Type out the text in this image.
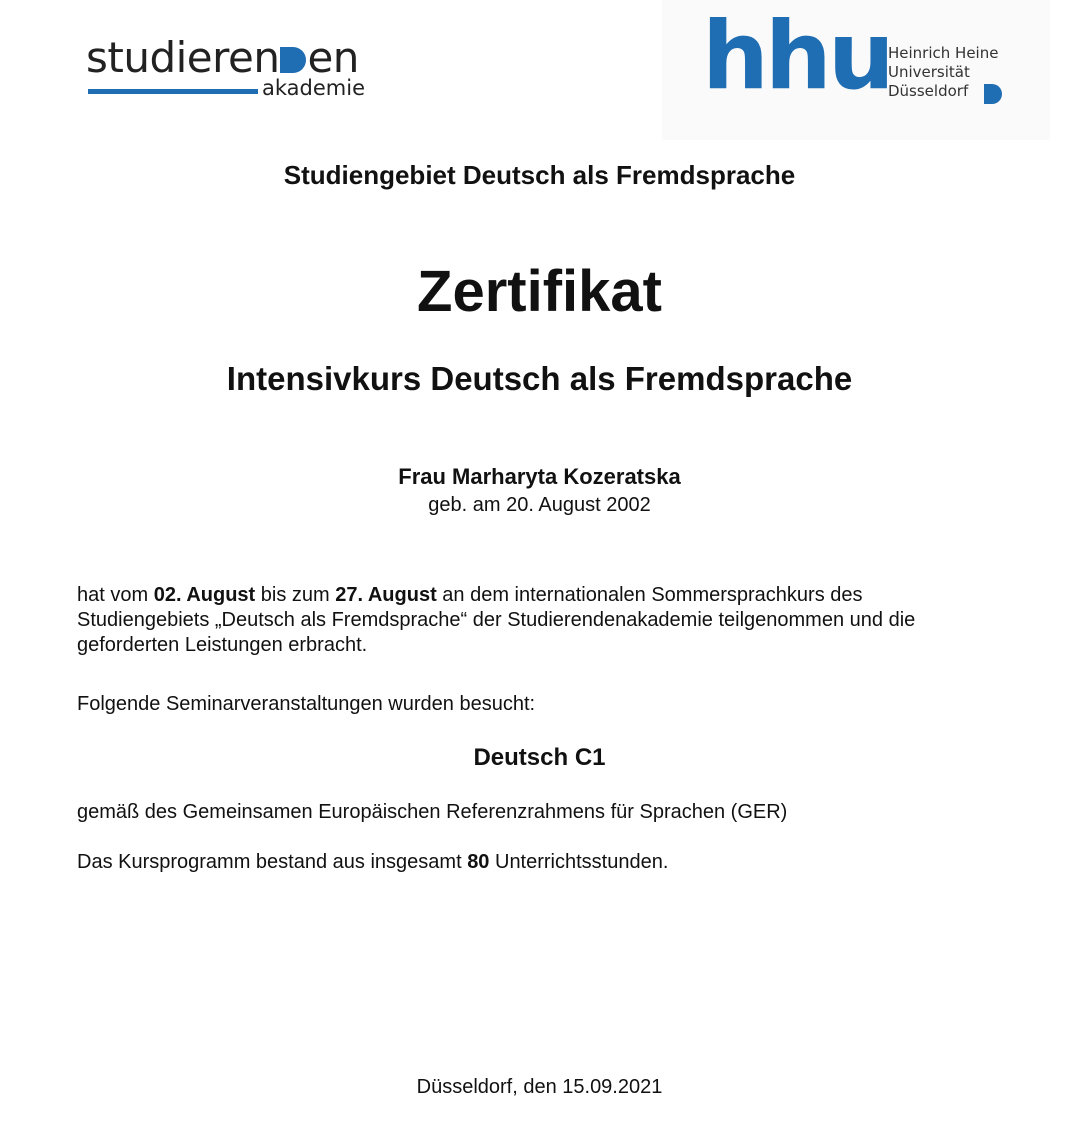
studieren en
akademie	hhu
Heinrich Heine
Universität
Düsseldorf
Studiengebiet Deutsch als Fremdsprache
Zertifikat
Intensivkurs Deutsch als Fremdsprache
Frau Marharyta Kozeratska
geb. am 20. August 2002
hat vom 02. August bis zum 27. August an dem internationalen Sommersprachkurs des Studiengebiets „Deutsch als Fremdsprache“ der Studierendenakademie teilgenommen und die geforderten Leistungen erbracht.
Folgende Seminarveranstaltungen wurden besucht:
Deutsch C1
gemäß des Gemeinsamen Europäischen Referenzrahmens für Sprachen (GER)
Das Kursprogramm bestand aus insgesamt 80 Unterrichtsstunden.
Düsseldorf, den 15.09.2021
